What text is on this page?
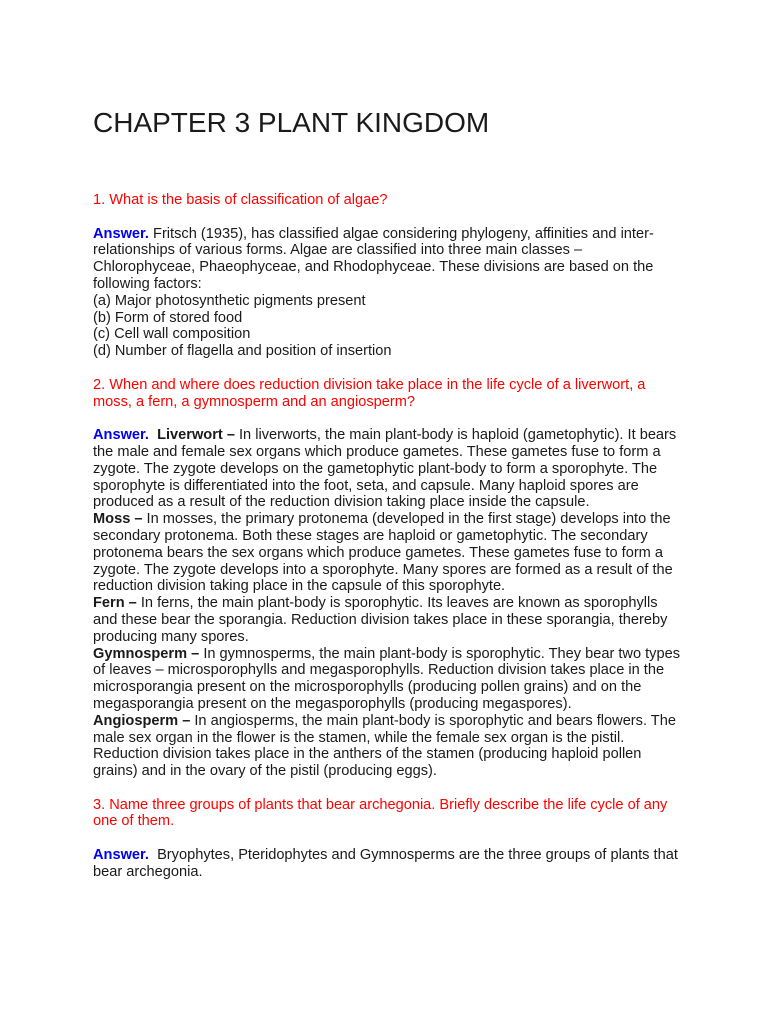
CHAPTER 3 PLANT KINGDOM

1. What is the basis of classification of algae?

Answer. Fritsch (1935), has classified algae considering phylogeny, affinities and inter-relationships of various forms. Algae are classified into three main classes – Chlorophyceae, Phaeophyceae, and Rhodophyceae. These divisions are based on the following factors:
(a) Major photosynthetic pigments present
(b) Form of stored food
(c) Cell wall composition
(d) Number of flagella and position of insertion

2. When and where does reduction division take place in the life cycle of a liverwort, a moss, a fern, a gymnosperm and an angiosperm?

Answer. Liverwort – In liverworts, the main plant-body is haploid (gametophytic). It bears the male and female sex organs which produce gametes. These gametes fuse to form a zygote. The zygote develops on the gametophytic plant-body to form a sporophyte. The sporophyte is differentiated into the foot, seta, and capsule. Many haploid spores are produced as a result of the reduction division taking place inside the capsule.
Moss – In mosses, the primary protonema (developed in the first stage) develops into the secondary protonema. Both these stages are haploid or gametophytic. The secondary protonema bears the sex organs which produce gametes. These gametes fuse to form a zygote. The zygote develops into a sporophyte. Many spores are formed as a result of the reduction division taking place in the capsule of this sporophyte.
Fern – In ferns, the main plant-body is sporophytic. Its leaves are known as sporophylls and these bear the sporangia. Reduction division takes place in these sporangia, thereby producing many spores.
Gymnosperm – In gymnosperms, the main plant-body is sporophytic. They bear two types of leaves – microsporophylls and megasporophylls. Reduction division takes place in the microsporangia present on the microsporophylls (producing pollen grains) and on the megasporangia present on the megasporophylls (producing megaspores).
Angiosperm – In angiosperms, the main plant-body is sporophytic and bears flowers. The male sex organ in the flower is the stamen, while the female sex organ is the pistil. Reduction division takes place in the anthers of the stamen (producing haploid pollen grains) and in the ovary of the pistil (producing eggs).

3. Name three groups of plants that bear archegonia. Briefly describe the life cycle of any one of them.

Answer. Bryophytes, Pteridophytes and Gymnosperms are the three groups of plants that bear archegonia.
